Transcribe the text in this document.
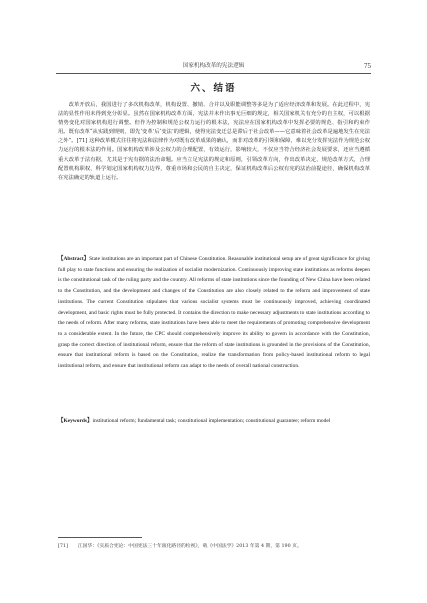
国家机构改革的宪法逻辑	75
六、结语

改革开放后，我国进行了多次机构改革，机构设置、撤销、合并以及职能调整等多是为了适应经济改革和发展。在此过程中，宪法的显性作用未得到充分彰显。虽然在国家机构改革方面，宪法并未作出事无巨细的规定，相关国家机关有充分的自主权，可以根据情势变化对国家机构进行调整。但作为控制和规范公权力运行的根本法，宪法应在国家机构改革中发挥必要的规范、指引和约束作用。既有改革“从实践到规则，即先‘变革’后‘变法’的逻辑，使得宪法变迁总是滞后于社会改革——它意味着社会改革是遍地发生在宪法之外”。[71] 这种改革模式往往将宪法和法律作为对既有改革成果的确认，而非对改革的引领和保障，难以充分发挥宪法作为规范公权力运行的根本法的作用。国家机构改革涉及公权力的合理配置，有效运行，影响较大，不仅应当符合经济社会发展要求，还应当遵循重大改革于法有据，尤其是于宪有据的法治命题。应当立足宪法的规定和原则，引领改革方向，作出改革决定，规范改革方式，合理配置机构职权，科学划定国家机构权力边界，尊重市场和公民的自主决定，保证机构改革后公权有宪的法治前提途径，确保机构改革在宪法确定的轨道上运行。

【Abstract】State institutions are an important part of Chinese Constitution. Reasonable institutional setup are of great significance for giving full play to state functions and ensuring the realization of socialist modernization. Continuously improving state institutions as reforms deepen is the constitutional task of the ruling party and the country. All reforms of state institutions since the founding of New China have been related to the Constitution, and the development and changes of the Constitution are also closely related to the reform and improvement of state institutions. The current Constitution stipulates that various socialist systems must be continuously improved, achieving coordinated development, and basic rights must be fully protected. It contains the direction to make necessary adjustments to state institutions according to the needs of reform. After many reforms, state institutions have been able to meet the requirements of promoting comprehensive development to a considerable extent. In the future, the CPC should comprehensively improve its ability to govern in accordance with the Constitution, grasp the correct direction of institutional reform, ensure that the reform of state institutions is grounded in the provisions of the Constitution, ensure that institutional reform is based on the Constitution, realize the transformation from policy-based institutional reform to legal institutional reform, and ensure that institutional reform can adapt to the needs of overall national construction.

【Keywords】institutional reform; fundamental task; constitutional implementation; constitutional guarantee; reform model

[71] 江国华：《实质合宪论：中国宪法三十年演化路径的检视》，载《中国法学》2013 年第 4 期，第 190 页。
